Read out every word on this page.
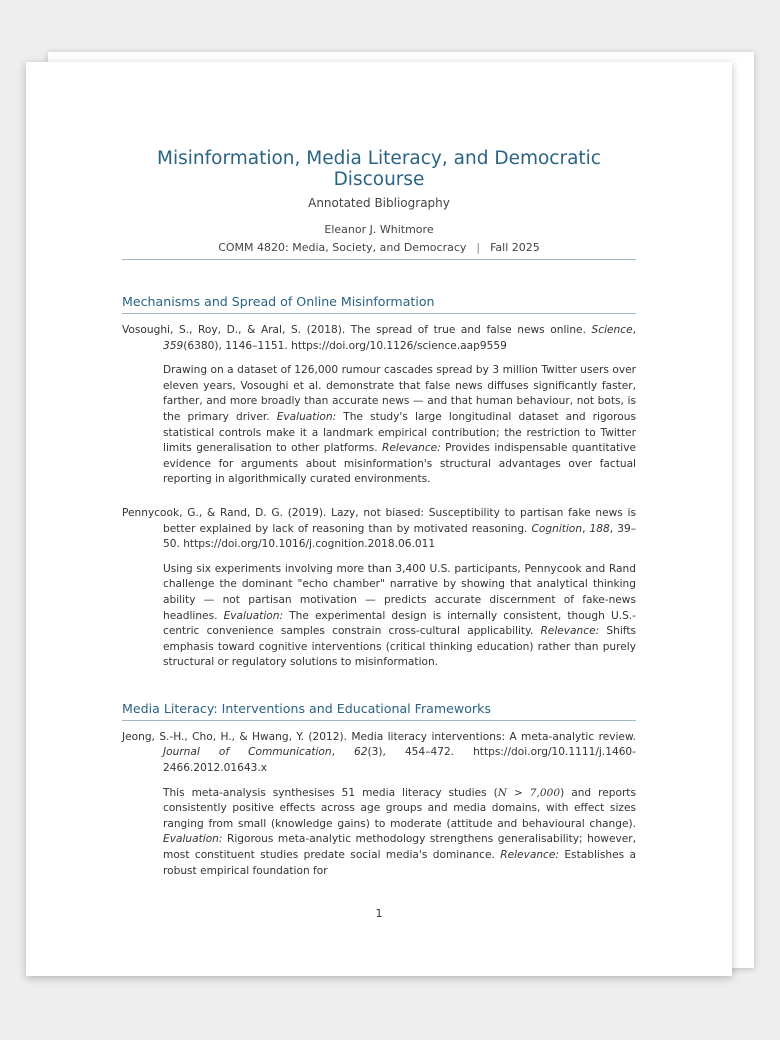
Misinformation, Media Literacy, and Democratic Discourse
Annotated Bibliography
Eleanor J. Whitmore
COMM 4820: Media, Society, and Democracy | Fall 2025
Mechanisms and Spread of Online Misinformation
Vosoughi, S., Roy, D., & Aral, S. (2018). The spread of true and false news online. Science, 359(6380), 1146–1151. https://doi.org/10.1126/science.aap9559
Drawing on a dataset of 126,000 rumour cascades spread by 3 million Twitter users over eleven years, Vosoughi et al. demonstrate that false news diffuses significantly faster, farther, and more broadly than accurate news — and that human behaviour, not bots, is the primary driver. Evaluation: The study's large longitudinal dataset and rigorous statistical controls make it a landmark empirical contribution; the restriction to Twitter limits generalisation to other platforms. Relevance: Provides indispensable quantitative evidence for arguments about misinformation's structural advantages over factual reporting in algorithmically curated environments.
Pennycook, G., & Rand, D. G. (2019). Lazy, not biased: Susceptibility to partisan fake news is better explained by lack of reasoning than by motivated reasoning. Cognition, 188, 39–50. https://doi.org/10.1016/j.cognition.2018.06.011
Using six experiments involving more than 3,400 U.S. participants, Pennycook and Rand challenge the dominant "echo chamber" narrative by showing that analytical thinking ability — not partisan motivation — predicts accurate discernment of fake-news headlines. Evaluation: The experimental design is internally consistent, though U.S.-centric convenience samples constrain cross-cultural applicability. Relevance: Shifts emphasis toward cognitive interventions (critical thinking education) rather than purely structural or regulatory solutions to misinformation.
Media Literacy: Interventions and Educational Frameworks
Jeong, S.-H., Cho, H., & Hwang, Y. (2012). Media literacy interventions: A meta-analytic review. Journal of Communication, 62(3), 454–472. https://doi.org/10.1111/j.1460-2466.2012.01643.x
This meta-analysis synthesises 51 media literacy studies (N > 7,000) and reports consistently positive effects across age groups and media domains, with effect sizes ranging from small (knowledge gains) to moderate (attitude and behavioural change). Evaluation: Rigorous meta-analytic methodology strengthens generalisability; however, most constituent studies predate social media's dominance. Relevance: Establishes a robust empirical foundation for
1
